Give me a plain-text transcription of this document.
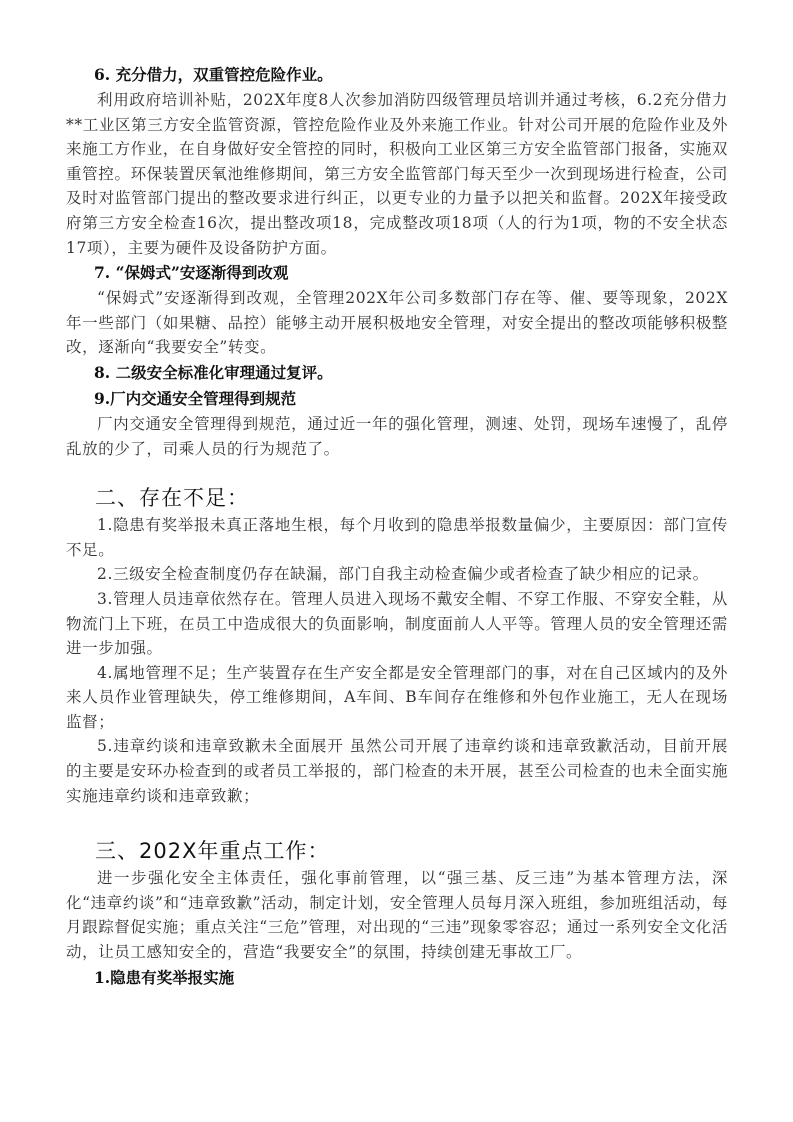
6. 充分借力，双重管控危险作业。

利用政府培训补贴，202X年度8人次参加消防四级管理员培训并通过考核，6.2充分借力**工业区第三方安全监管资源，管控危险作业及外来施工作业。针对公司开展的危险作业及外来施工方作业，在自身做好安全管控的同时，积极向工业区第三方安全监管部门报备，实施双重管控。环保装置厌氧池维修期间，第三方安全监管部门每天至少一次到现场进行检查，公司及时对监管部门提出的整改要求进行纠正，以更专业的力量予以把关和监督。202X年接受政府第三方安全检查16次，提出整改项18，完成整改项18项（人的行为1项，物的不安全状态17项），主要为硬件及设备防护方面。

7. “保姆式”安逐渐得到改观

“保姆式”安逐渐得到改观，全管理202X年公司多数部门存在等、催、要等现象，202X年一些部门（如果糖、品控）能够主动开展积极地安全管理，对安全提出的整改项能够积极整改，逐渐向“我要安全”转变。

8. 二级安全标准化审理通过复评。

9.厂内交通安全管理得到规范

厂内交通安全管理得到规范，通过近一年的强化管理，测速、处罚，现场车速慢了，乱停乱放的少了，司乘人员的行为规范了。

二、存在不足：

1.隐患有奖举报未真正落地生根，每个月收到的隐患举报数量偏少，主要原因：部门宣传不足。

2.三级安全检查制度仍存在缺漏，部门自我主动检查偏少或者检查了缺少相应的记录。

3.管理人员违章依然存在。管理人员进入现场不戴安全帽、不穿工作服、不穿安全鞋，从物流门上下班，在员工中造成很大的负面影响，制度面前人人平等。管理人员的安全管理还需进一步加强。

4.属地管理不足；生产装置存在生产安全都是安全管理部门的事，对在自己区域内的及外来人员作业管理缺失，停工维修期间，A车间、B车间存在维修和外包作业施工，无人在现场监督；

5.违章约谈和违章致歉未全面展开 虽然公司开展了违章约谈和违章致歉活动，目前开展的主要是安环办检查到的或者员工举报的，部门检查的未开展，甚至公司检查的也未全面实施实施违章约谈和违章致歉；

三、202X年重点工作：

进一步强化安全主体责任，强化事前管理，以“强三基、反三违”为基本管理方法，深化“违章约谈”和“违章致歉”活动，制定计划，安全管理人员每月深入班组，参加班组活动，每月跟踪督促实施；重点关注“三危”管理，对出现的“三违”现象零容忍；通过一系列安全文化活动，让员工感知安全的，营造“我要安全”的氛围，持续创建无事故工厂。

1.隐患有奖举报实施
